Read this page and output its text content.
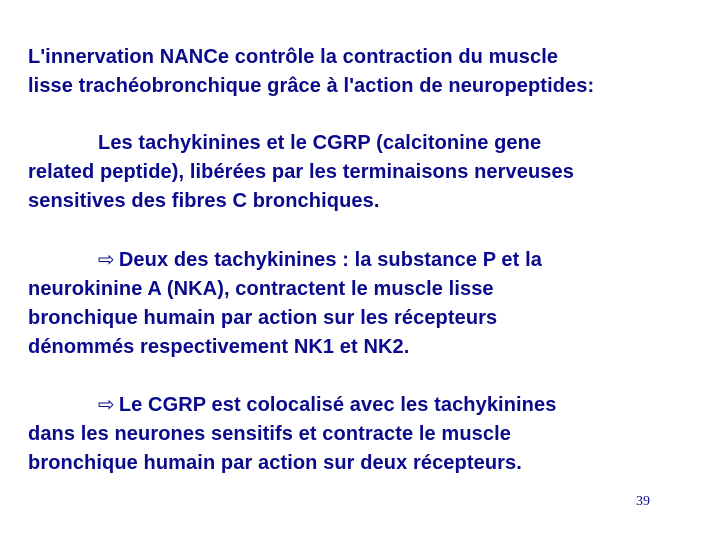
L'innervation NANCe contrôle la contraction du muscle
lisse trachéobronchique grâce à l'action de neuropeptides:
Les tachykinines et le CGRP (calcitonine gene
related peptide), libérées par les terminaisons nerveuses
sensitives des fibres C bronchiques.
⇨ Deux des tachykinines : la substance P et la
neurokinine A (NKA), contractent le muscle lisse
bronchique humain par action sur les récepteurs
dénommés respectivement NK1 et NK2.
⇨ Le CGRP est colocalisé avec les tachykinines
dans les neurones sensitifs et contracte le muscle
bronchique humain par action sur deux récepteurs.
39
